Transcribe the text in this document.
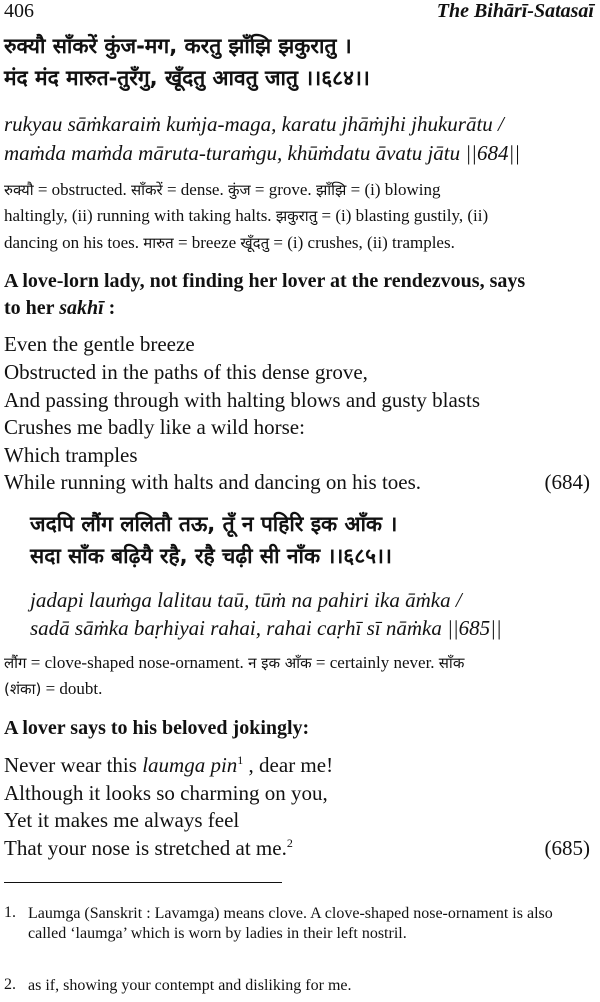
406	The Bihārī-Satasaī
रुक्यौ साँकरें कुंज-मग, करतु झाँझि झकुरातु ।
मंद मंद मारुत-तुरँगु, खूँदतु आवतु जातु ।।६८४।।
rukyau sāṁkaraiṁ kuṁja-maga, karatu jhāṁjhi jhukurātu /
maṁda maṁda māruta-turaṁgu, khūṁdatu āvatu jātu ||684||
रुक्यौ = obstructed. साँकरें = dense. कुंज = grove. झाँझि = (i) blowing
haltingly, (ii) running with taking halts. झकुरातु = (i) blasting gustily, (ii)
dancing on his toes. मारुत = breeze खूँदतु = (i) crushes, (ii) tramples.
A love-lorn lady, not finding her lover at the rendezvous, says
to her sakhī :
Even the gentle breeze
Obstructed in the paths of this dense grove,
And passing through with halting blows and gusty blasts
Crushes me badly like a wild horse:
Which tramples
While running with halts and dancing on his toes.	(684)
जदपि लौंग ललितौ तऊ, तूँ न पहिरि इक आँक ।
सदा साँक बढ़ियै रहै, रहै चढ़ी सी नाँक ।।६८५।।
jadapi lauṁga lalitau taū, tūṁ na pahiri ika āṁka /
sadā sāṁka baṛhiyai rahai, rahai caṛhī sī nāṁka ||685||
लौंग = clove-shaped nose-ornament. न इक आँक = certainly never. साँक
(शंका) = doubt.
A lover says to his beloved jokingly:
Never wear this laumga pin$^1$ , dear me!
Although it looks so charming on you,
Yet it makes me always feel
That your nose is stretched at me.$^2$	(685)
1. Laumga (Sanskrit : Lavamga) means clove. A clove-shaped nose-ornament is also called ‘laumga’ which is worn by ladies in their left nostril.
2. as if, showing your contempt and disliking for me.
